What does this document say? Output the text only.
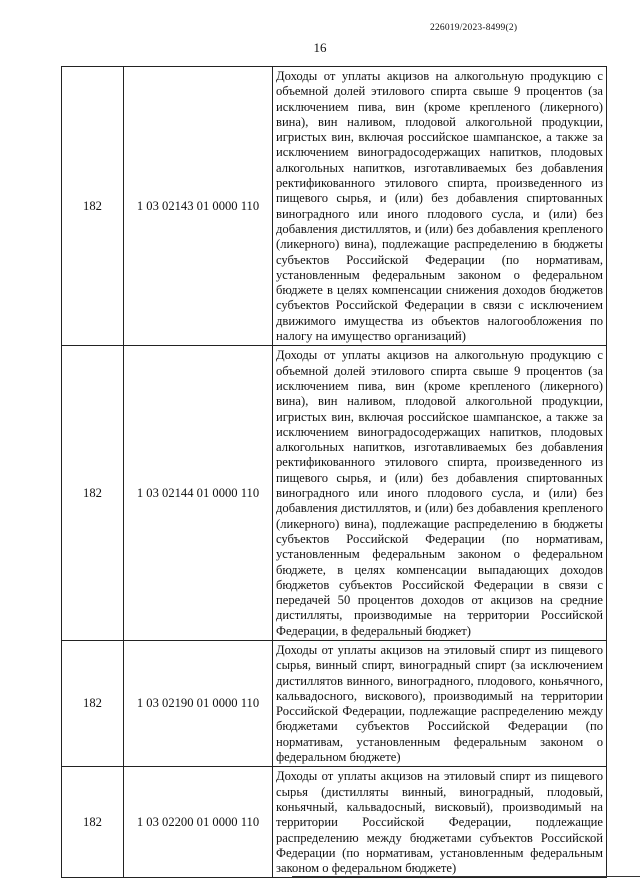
226019/2023-8499(2)
16
182	1 03 02143 01 0000 110	Доходы от уплаты акцизов на алкогольную продукцию с объемной долей этилового спирта свыше 9 процентов (за исключением пива, вин (кроме крепленого (ликерного) вина), вин наливом, плодовой алкогольной продукции, игристых вин, включая российское шампанское, а также за исключением виноградосодержащих напитков, плодовых алкогольных напитков, изготавливаемых без добавления ректификованного этилового спирта, произведенного из пищевого сырья, и (или) без добавления спиртованных виноградного или иного плодового сусла, и (или) без добавления дистиллятов, и (или) без добавления крепленого (ликерного) вина), подлежащие распределению в бюджеты субъектов Российской Федерации (по нормативам, установленным федеральным законом о федеральном бюджете в целях компенсации снижения доходов бюджетов субъектов Российской Федерации в связи с исключением движимого имущества из объектов налогообложения по налогу на имущество организаций)
182	1 03 02144 01 0000 110	Доходы от уплаты акцизов на алкогольную продукцию с объемной долей этилового спирта свыше 9 процентов (за исключением пива, вин (кроме крепленого (ликерного) вина), вин наливом, плодовой алкогольной продукции, игристых вин, включая российское шампанское, а также за исключением виноградосодержащих напитков, плодовых алкогольных напитков, изготавливаемых без добавления ректификованного этилового спирта, произведенного из пищевого сырья, и (или) без добавления спиртованных виноградного или иного плодового сусла, и (или) без добавления дистиллятов, и (или) без добавления крепленого (ликерного) вина), подлежащие распределению в бюджеты субъектов Российской Федерации (по нормативам, установленным федеральным законом о федеральном бюджете, в целях компенсации выпадающих доходов бюджетов субъектов Российской Федерации в связи с передачей 50 процентов доходов от акцизов на средние дистилляты, производимые на территории Российской Федерации, в федеральный бюджет)
182	1 03 02190 01 0000 110	Доходы от уплаты акцизов на этиловый спирт из пищевого сырья, винный спирт, виноградный спирт (за исключением дистиллятов винного, виноградного, плодового, коньячного, кальвадосного, вискового), производимый на территории Российской Федерации, подлежащие распределению между бюджетами субъектов Российской Федерации (по нормативам, установленным федеральным законом о федеральном бюджете)
182	1 03 02200 01 0000 110	Доходы от уплаты акцизов на этиловый спирт из пищевого сырья (дистилляты винный, виноградный, плодовый, коньячный, кальвадосный, висковый), производимый на территории Российской Федерации, подлежащие распределению между бюджетами субъектов Российской Федерации (по нормативам, установленным федеральным законом о федеральном бюджете)
